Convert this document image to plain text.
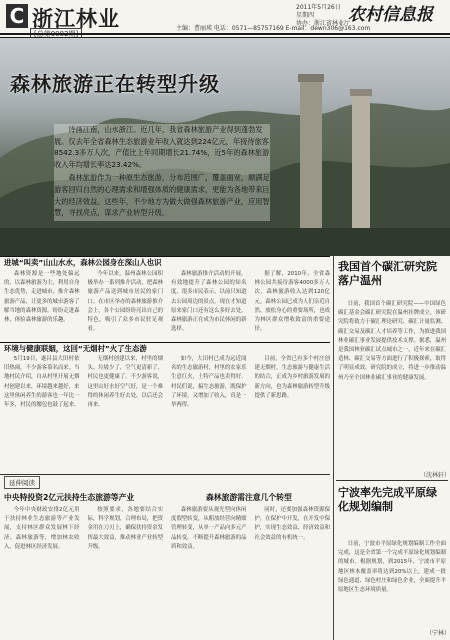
C 浙江林业	2011年5月26日
星期四
协办：浙江省林业厅
农村信息报
主编：曹丽瑛 电话：0571—85757169 E-mail：dewn306@163.com
森林旅游正在转型升级

诗画江南，山水浙江。近几年，我省森林旅游产业得到蓬勃发展。仅去年全省森林生态旅游业年收入就达到224亿元，年接待旅客8542.3多万人次，产值比上年同期增长21.74%，近5年的森林旅游收入年均增长率达23.42%。

森林旅游作为一种原生态旅游，分布范围广，覆盖面宽，顺满足游客回归自然的心理需求和增强体质的健康需求，更能为各地带来巨大的经济效益。这些年，不少地方为做大做强森林旅游产业，应用智慧，寻找亮点，谋求产业转型升级。

进城“叫卖”山山水水，森林公园身在深山人也识
森林资源是一些地处偏远的，以森林旅游为主，利用自身生态优势，走进城市，推介森林旅游产品，让更多的城市游客了解当地的森林资源，纷纷走进森林，体验森林旅游的乐趣。
今年以来，温州森林公园积极举办一系列推介活动，把森林旅游产品送到城市居民的家门口。在市区举办的森林旅游推介会上，各个公园纷纷亮出自己的特色，吸引了众多市民驻足观看。
森林旅游推介活动的开展，有效地提升了森林公园的知名度。很多市民表示，以前只知道去公园周边的景点，现在才知道原来家门口还有这么多好去处，森林旅游正在成为市民休闲的新选择。
据了解，2010年，全省森林公园共接待游客4000多万人次，森林旅游收入达到120亿元。森林公园已成为人们亲近自然、放松身心的重要场所，也成为林区群众增收致富的重要途径。
环境与健康联姻，这回“无烟村”火了生态游
5月19日，遂昌县大田村依旧热闹，不少游客慕名而来。当地村民介绍，自从村里开展无烟村创建以来，环境越来越好，来这里休闲养生的游客也一年比一年多，村民的腰包也鼓了起来。
无烟村创建以来，村里的烟头、垃圾少了，空气更清新了，村民也更健康了。不少游客说，这里山好水好空气好，是一个难得的休闲养生好去处，以后还会再来。
如今，大田村已成为远近闻名的生态旅游村，村里的农家乐生意红火，土特产品也卖得好。村民们说，搞生态旅游，既保护了环境，又增加了收入，真是一举两得。
目前，全省已有多个村庄创建无烟村，生态旅游与健康生活的结合，正成为乡村旅游发展的新方向，也为森林旅游转型升级提供了新思路。
延伸阅读
中央特投资2亿元扶持生态旅游等产业	森林旅游需注意几个转型
今年中央财政安排2亿元用于扶持林业生态旅游等产业发展，支持林区群众发展林下经济、森林旅游等，增加林农收入，促进林区经济发展。
按照要求，各地要结合实际，科学规划，合理布局，把资金用在刀刃上，确保扶持资金发挥最大效益，推动林业产业转型升级。
森林旅游要从观光型向休闲度假型转变，从粗放经营向精细管理转变，从单一产品向多元产品转变，不断提升森林旅游的品质和效益。
同时，还要加强森林资源保护，在保护中开发，在开发中保护，实现生态效益、经济效益和社会效益的有机统一。
我国首个碳汇研究院落户温州
日前，我国首个碳汇研究院——中国绿色碳汇基金会碳汇研究院在温州挂牌成立。该研究院将致力于碳汇理论研究、碳汇计量监测、碳汇交易及碳汇人才培养等工作，为推进我国林业碳汇事业发展提供技术支撑。据悉，温州是我国林业碳汇试点城市之一，近年来在碳汇造林、碳汇交易等方面进行了积极探索，取得了明显成效。研究院的成立，将进一步推动温州乃至全国林业碳汇事业的健康发展。
（沈林轩）
宁波率先完成平原绿化规划编制
日前，宁波市平原绿化规划编制工作全面完成，这是全省第一个完成平原绿化规划编制的城市。根据规划，到2015年，宁波市平原地区林木覆盖率将达到20%以上，建成一批绿色通道、绿色村庄和绿色企业，全面提升平原地区生态环境质量。
（宁林）
